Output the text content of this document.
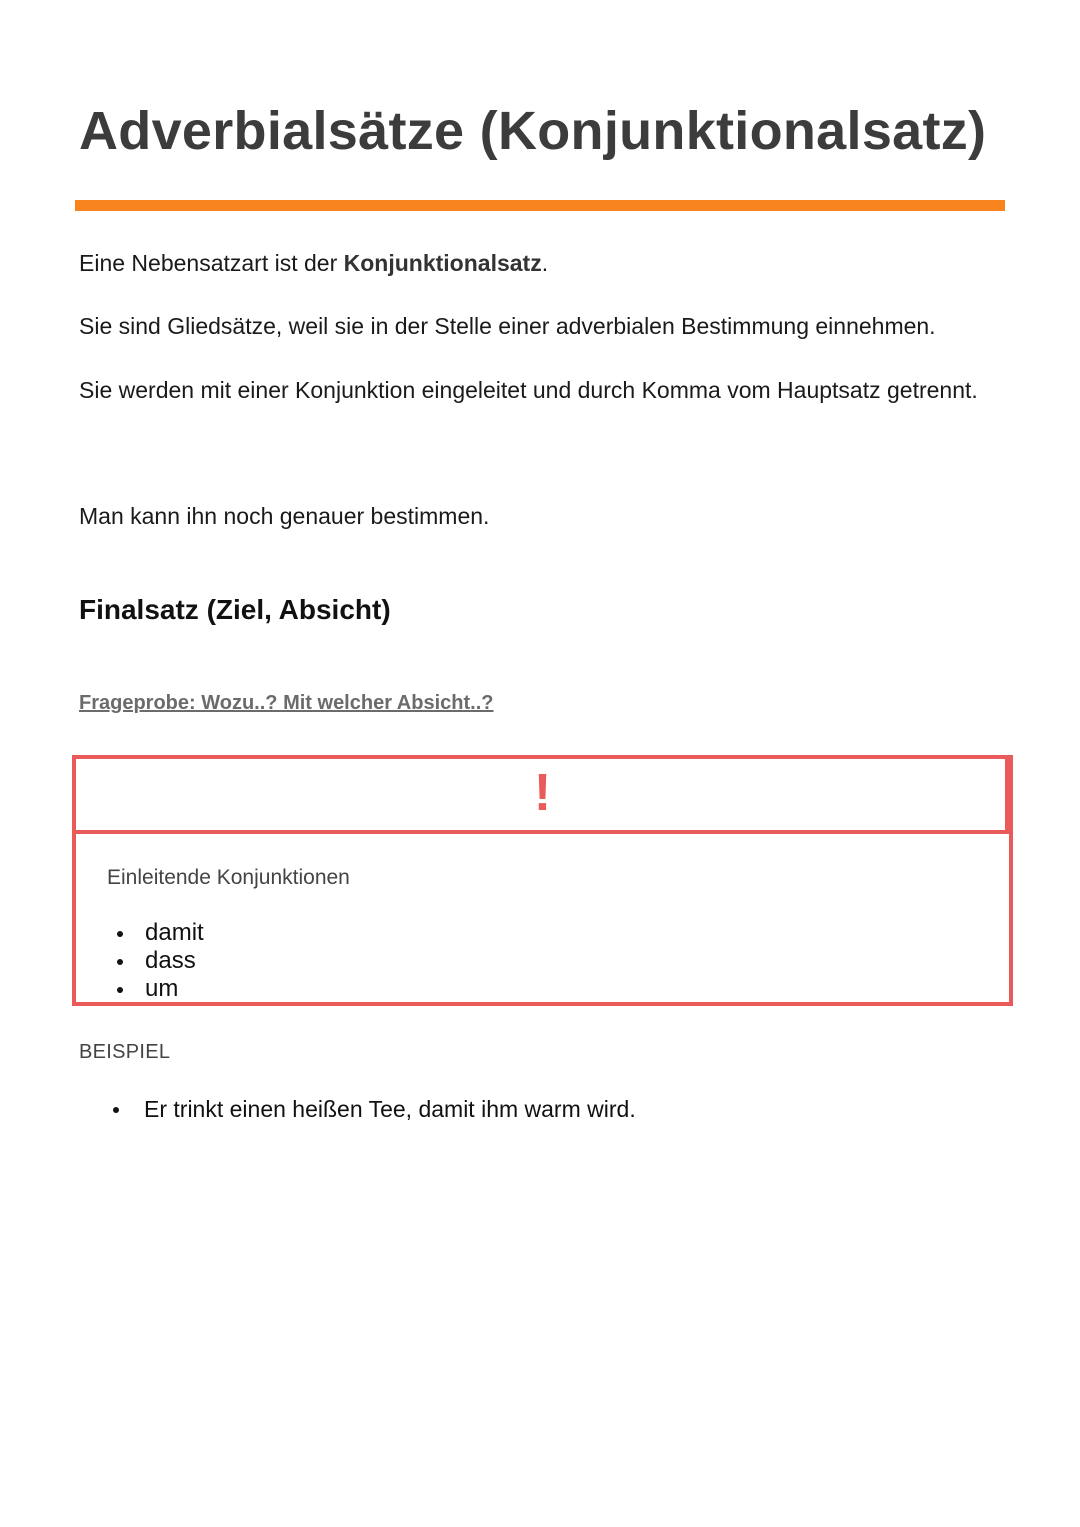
Adverbialsätze (Konjunktionalsatz)

Eine Nebensatzart ist der Konjunktionalsatz.

Sie sind Gliedsätze, weil sie in der Stelle einer adverbialen Bestimmung einnehmen.

Sie werden mit einer Konjunktion eingeleitet und durch Komma vom Hauptsatz getrennt.

Man kann ihn noch genauer bestimmen.

Finalsatz (Ziel, Absicht)

Frageprobe: Wozu..? Mit welcher Absicht..?

!

Einleitende Konjunktionen

damit
dass
um

BEISPIEL

Er trinkt einen heißen Tee, damit ihm warm wird.
